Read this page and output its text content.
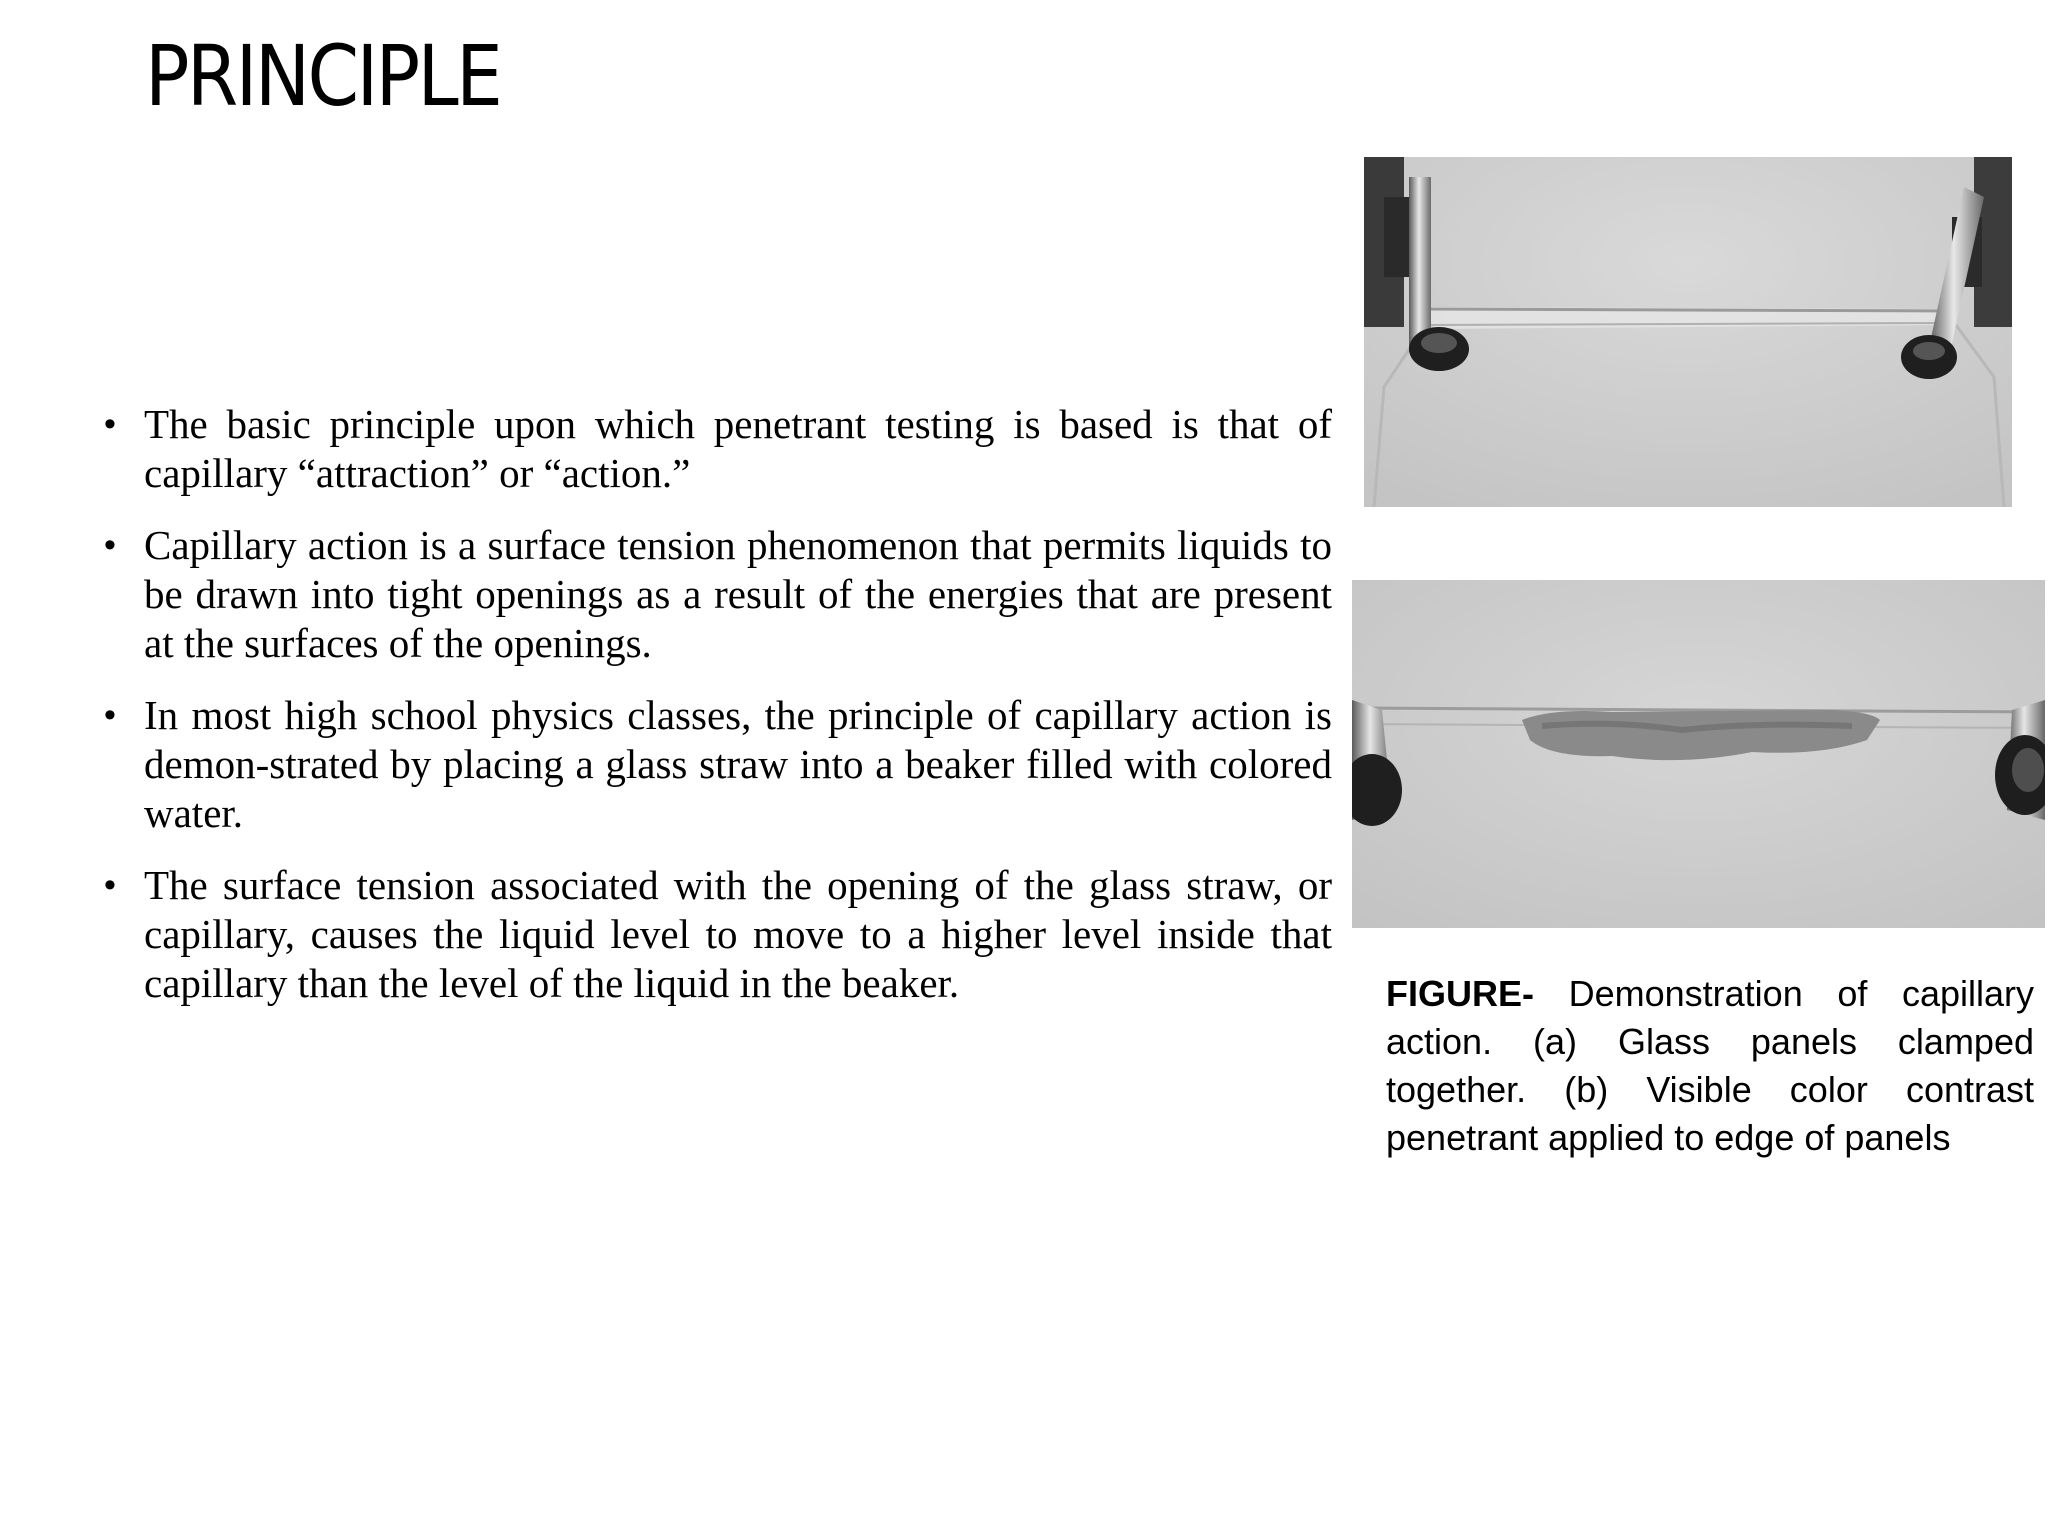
PRINCIPLE
• The basic principle upon which penetrant testing is based is that of capillary “attraction” or “action.”
• Capillary action is a surface tension phenomenon that permits liquids to be drawn into tight openings as a result of the energies that are present at the surfaces of the openings.
• In most high school physics classes, the principle of capillary action is demon-strated by placing a glass straw into a beaker filled with colored water.
• The surface tension associated with the opening of the glass straw, or capillary, causes the liquid level to move to a higher level inside that capillary than the level of the liquid in the beaker.	FIGURE- Demonstration of capillary action. (a) Glass panels clamped together. (b) Visible color contrast penetrant applied to edge of panels
